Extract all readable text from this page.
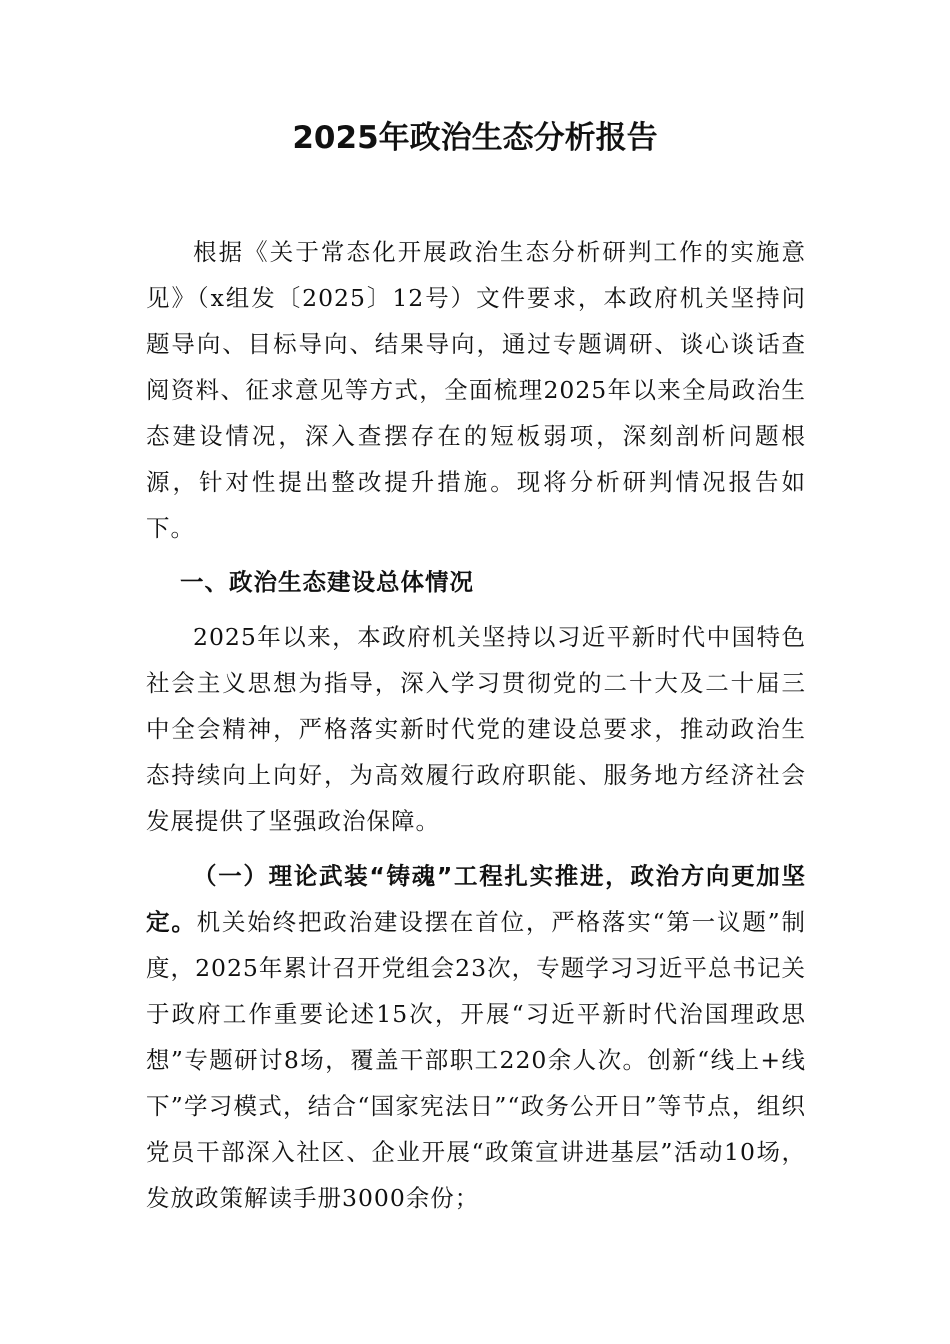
2025年政治生态分析报告

根据《关于常态化开展政治生态分析研判工作的实施意见》（x组发〔2025〕12号）文件要求，本政府机关坚持问题导向、目标导向、结果导向，通过专题调研、谈心谈话查阅资料、征求意见等方式，全面梳理2025年以来全局政治生态建设情况，深入查摆存在的短板弱项，深刻剖析问题根源，针对性提出整改提升措施。现将分析研判情况报告如下。

一、政治生态建设总体情况

2025年以来，本政府机关坚持以习近平新时代中国特色社会主义思想为指导，深入学习贯彻党的二十大及二十届三中全会精神，严格落实新时代党的建设总要求，推动政治生态持续向上向好，为高效履行政府职能、服务地方经济社会发展提供了坚强政治保障。

（一）理论武装“铸魂”工程扎实推进，政治方向更加坚定。机关始终把政治建设摆在首位，严格落实“第一议题”制度，2025年累计召开党组会23次，专题学习习近平总书记关于政府工作重要论述15次，开展“习近平新时代治国理政思想”专题研讨8场，覆盖干部职工220余人次。创新“线上+线下”学习模式，结合“国家宪法日”“政务公开日”等节点，组织党员干部深入社区、企业开展“政策宣讲进基层”活动10场，发放政策解读手册3000余份；
